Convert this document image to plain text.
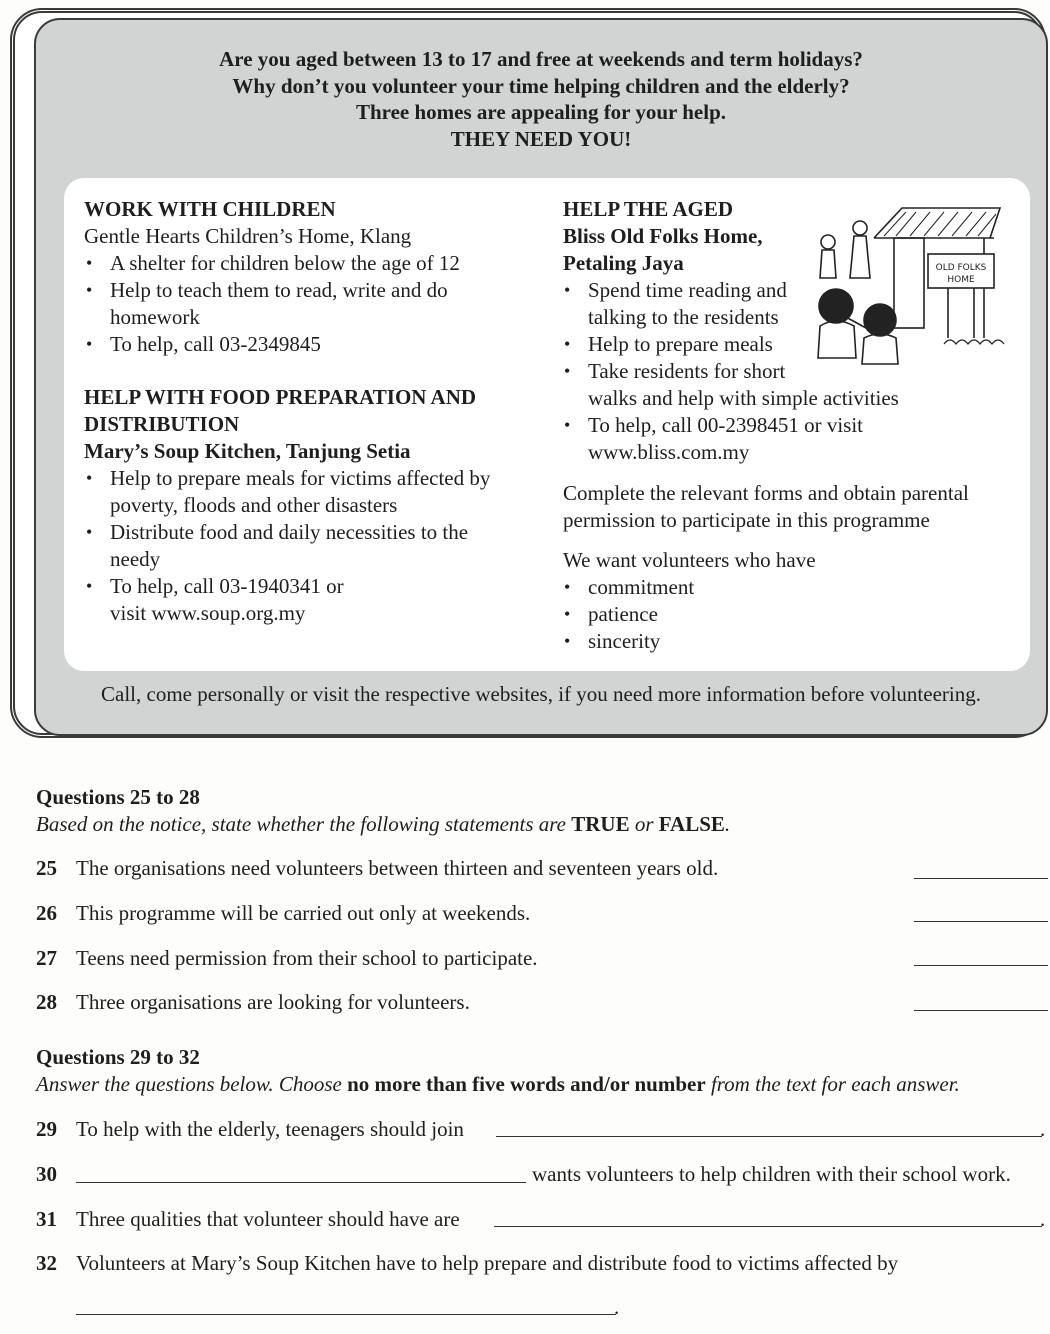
Are you aged between 13 to 17 and free at weekends and term holidays?
Why don’t you volunteer your time helping children and the elderly?
Three homes are appealing for your help.
THEY NEED YOU!
WORK WITH CHILDREN
Gentle Hearts Children’s Home, Klang
• A shelter for children below the age of 12
• Help to teach them to read, write and do
homework
• To help, call 03-2349845
HELP WITH FOOD PREPARATION AND
DISTRIBUTION
Mary’s Soup Kitchen, Tanjung Setia
• Help to prepare meals for victims affected by
poverty, floods and other disasters
• Distribute food and daily necessities to the
needy
• To help, call 03-1940341 or
visit www.soup.org.my
HELP THE AGED
Bliss Old Folks Home,
Petaling Jaya
• Spend time reading and
talking to the residents
• Help to prepare meals
• Take residents for short
walks and help with simple activities
• To help, call 00-2398451 or visit
www.bliss.com.my
OLD FOLKS
HOME
Complete the relevant forms and obtain parental
permission to participate in this programme
We want volunteers who have
• commitment
• patience
• sincerity
Call, come personally or visit the respective websites, if you need more information before volunteering.
Questions 25 to 28
Based on the notice, state whether the following statements are TRUE or FALSE.
25 The organisations need volunteers between thirteen and seventeen years old.
26 This programme will be carried out only at weekends.
27 Teens need permission from their school to participate.
28 Three organisations are looking for volunteers.
Questions 29 to 32
Answer the questions below. Choose no more than five words and/or number from the text for each answer.
29 To help with the elderly, teenagers should join	.
30	wants volunteers to help children with their school work.
31 Three qualities that volunteer should have are	.
32 Volunteers at Mary’s Soup Kitchen have to help prepare and distribute food to victims affected by
.
